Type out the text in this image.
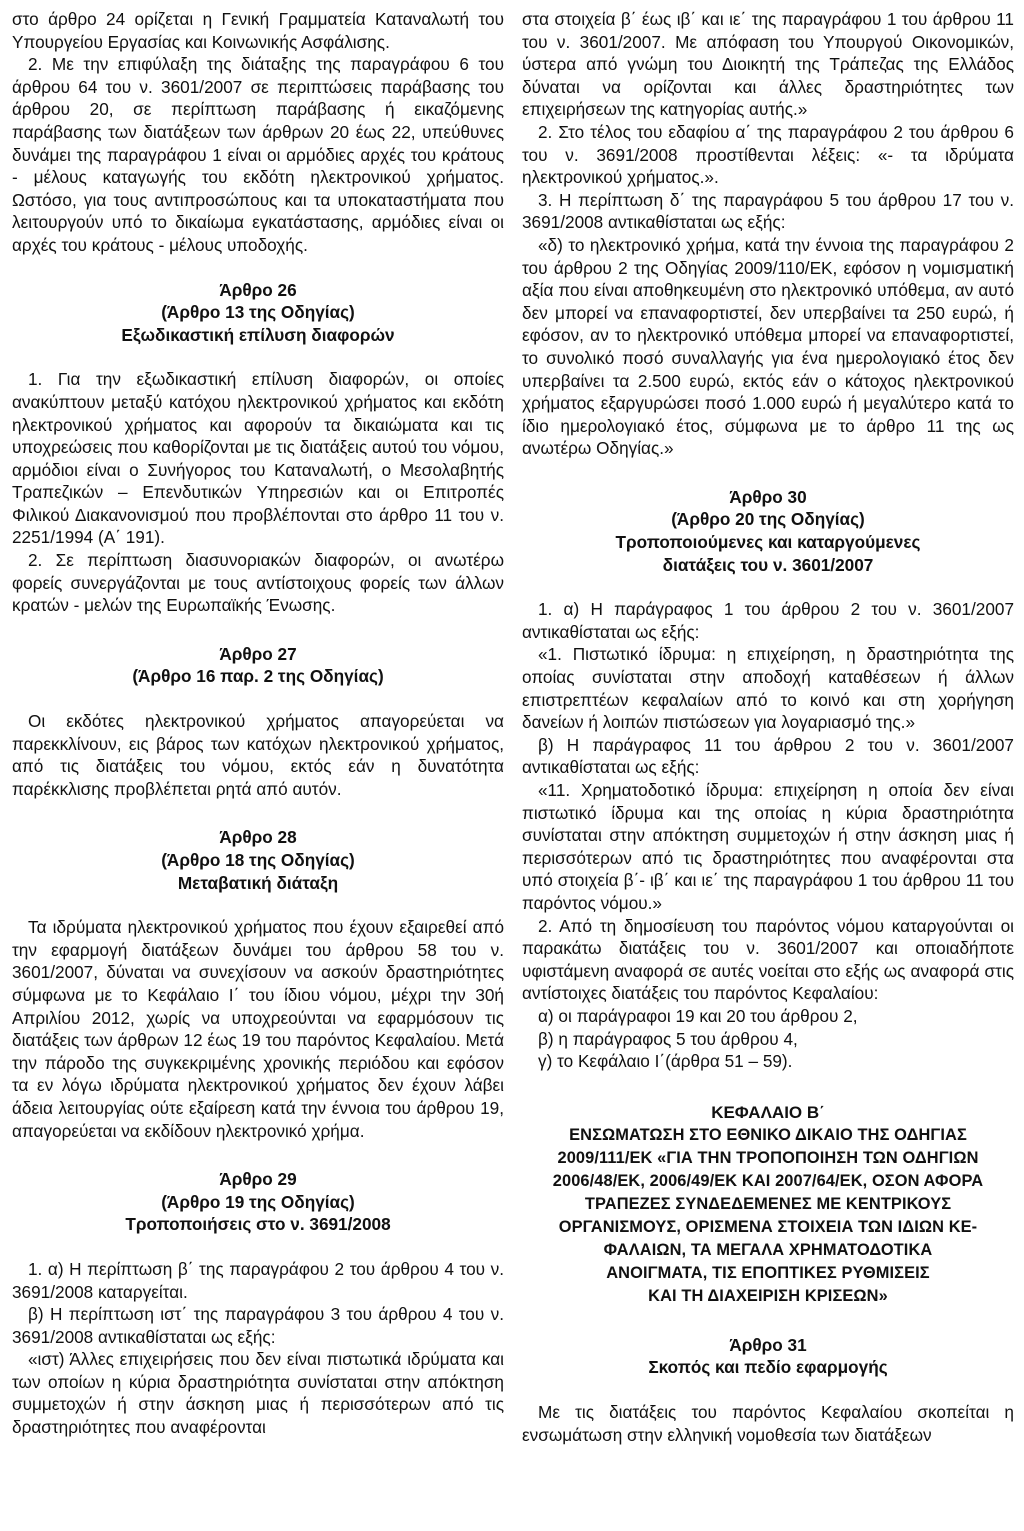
στο άρθρο 24 ορίζεται η Γενική Γραμματεία Καταναλωτή του Υπουργείου Εργασίας και Κοινωνικής Ασφάλισης.

2. Με την επιφύλαξη της διάταξης της παραγράφου 6 του άρθρου 64 του ν. 3601/2007 σε περιπτώσεις παράβασης του άρθρου 20, σε περίπτωση παράβασης ή εικαζόμενης παράβασης των διατάξεων των άρθρων 20 έως 22, υπεύθυνες δυνάμει της παραγράφου 1 είναι οι αρμόδιες αρχές του κράτους - μέλους καταγωγής του εκδότη ηλεκτρονικού χρήματος. Ωστόσο, για τους αντιπροσώπους και τα υποκαταστήματα που λειτουργούν υπό το δικαίωμα εγκατάστασης, αρμόδιες είναι οι αρχές του κράτους - μέλους υποδοχής.

Άρθρο 26
(Άρθρο 13 της Οδηγίας)
Εξωδικαστική επίλυση διαφορών

1. Για την εξωδικαστική επίλυση διαφορών, οι οποίες ανακύπτουν μεταξύ κατόχου ηλεκτρονικού χρήματος και εκδότη ηλεκτρονικού χρήματος και αφορούν τα δικαιώματα και τις υποχρεώσεις που καθορίζονται με τις διατάξεις αυτού του νόμου, αρμόδιοι είναι ο Συνήγορος του Καταναλωτή, ο Μεσολαβητής Τραπεζικών – Επενδυτικών Υπηρεσιών και οι Επιτροπές Φιλικού Διακανονισμού που προβλέπονται στο άρθρο 11 του ν. 2251/1994 (Α΄ 191).

2. Σε περίπτωση διασυνοριακών διαφορών, οι ανωτέρω φορείς συνεργάζονται με τους αντίστοιχους φορείς των άλλων κρατών - μελών της Ευρωπαϊκής Ένωσης.

Άρθρο 27
(Άρθρο 16 παρ. 2 της Οδηγίας)

Οι εκδότες ηλεκτρονικού χρήματος απαγορεύεται να παρεκκλίνουν, εις βάρος των κατόχων ηλεκτρονικού χρήματος, από τις διατάξεις του νόμου, εκτός εάν η δυνατότητα παρέκκλισης προβλέπεται ρητά από αυτόν.

Άρθρο 28
(Άρθρο 18 της Οδηγίας)
Μεταβατική διάταξη

Τα ιδρύματα ηλεκτρονικού χρήματος που έχουν εξαιρεθεί από την εφαρμογή διατάξεων δυνάμει του άρθρου 58 του ν. 3601/2007, δύναται να συνεχίσουν να ασκούν δραστηριότητες σύμφωνα με το Κεφάλαιο Ι΄ του ίδιου νόμου, μέχρι την 30ή Απριλίου 2012, χωρίς να υποχρεούνται να εφαρμόσουν τις διατάξεις των άρθρων 12 έως 19 του παρόντος Κεφαλαίου. Μετά την πάροδο της συγκεκριμένης χρονικής περιόδου και εφόσον τα εν λόγω ιδρύματα ηλεκτρονικού χρήματος δεν έχουν λάβει άδεια λειτουργίας ούτε εξαίρεση κατά την έννοια του άρθρου 19, απαγορεύεται να εκδίδουν ηλεκτρονικό χρήμα.

Άρθρο 29
(Άρθρο 19 της Οδηγίας)
Τροποποιήσεις στο ν. 3691/2008

1. α) Η περίπτωση β΄ της παραγράφου 2 του άρθρου 4 του ν. 3691/2008 καταργείται.

β) Η περίπτωση ιστ΄ της παραγράφου 3 του άρθρου 4 του ν. 3691/2008 αντικαθίσταται ως εξής:

«ιστ) Άλλες επιχειρήσεις που δεν είναι πιστωτικά ιδρύματα και των οποίων η κύρια δραστηριότητα συνίσταται στην απόκτηση συμμετοχών ή στην άσκηση μιας ή περισσότερων από τις δραστηριότητες που αναφέρονται

στα στοιχεία β΄ έως ιβ΄ και ιε΄ της παραγράφου 1 του άρθρου 11 του ν. 3601/2007. Με απόφαση του Υπουργού Οικονομικών, ύστερα από γνώμη του Διοικητή της Τράπεζας της Ελλάδος δύναται να ορίζονται και άλλες δραστηριότητες των επιχειρήσεων της κατηγορίας αυτής.»

2. Στο τέλος του εδαφίου α΄ της παραγράφου 2 του άρθρου 6 του ν. 3691/2008 προστίθενται λέξεις: «- τα ιδρύματα ηλεκτρονικού χρήματος.».

3. Η περίπτωση δ΄ της παραγράφου 5 του άρθρου 17 του ν. 3691/2008 αντικαθίσταται ως εξής:

«δ) το ηλεκτρονικό χρήμα, κατά την έννοια της παραγράφου 2 του άρθρου 2 της Οδηγίας 2009/110/ΕΚ, εφόσον η νομισματική αξία που είναι αποθηκευμένη στο ηλεκτρονικό υπόθεμα, αν αυτό δεν μπορεί να επαναφορτιστεί, δεν υπερβαίνει τα 250 ευρώ, ή εφόσον, αν το ηλεκτρονικό υπόθεμα μπορεί να επαναφορτιστεί, το συνολικό ποσό συναλλαγής για ένα ημερολογιακό έτος δεν υπερβαίνει τα 2.500 ευρώ, εκτός εάν ο κάτοχος ηλεκτρονικού χρήματος εξαργυρώσει ποσό 1.000 ευρώ ή μεγαλύτερο κατά το ίδιο ημερολογιακό έτος, σύμφωνα με το άρθρο 11 της ως ανωτέρω Οδηγίας.»

Άρθρο 30
(Άρθρο 20 της Οδηγίας)
Τροποποιούμενες και καταργούμενες
διατάξεις του ν. 3601/2007

1. α) Η παράγραφος 1 του άρθρου 2 του ν. 3601/2007 αντικαθίσταται ως εξής:

«1. Πιστωτικό ίδρυμα: η επιχείρηση, η δραστηριότητα της οποίας συνίσταται στην αποδοχή καταθέσεων ή άλλων επιστρεπτέων κεφαλαίων από το κοινό και στη χορήγηση δανείων ή λοιπών πιστώσεων για λογαριασμό της.»

β) Η παράγραφος 11 του άρθρου 2 του ν. 3601/2007 αντικαθίσταται ως εξής:

«11. Χρηματοδοτικό ίδρυμα: επιχείρηση η οποία δεν είναι πιστωτικό ίδρυμα και της οποίας η κύρια δραστηριότητα συνίσταται στην απόκτηση συμμετοχών ή στην άσκηση μιας ή περισσότερων από τις δραστηριότητες που αναφέρονται στα υπό στοιχεία β΄- ιβ΄ και ιε΄ της παραγράφου 1 του άρθρου 11 του παρόντος νόμου.»

2. Από τη δημοσίευση του παρόντος νόμου καταργούνται οι παρακάτω διατάξεις του ν. 3601/2007 και οποιαδήποτε υφιστάμενη αναφορά σε αυτές νοείται στο εξής ως αναφορά στις αντίστοιχες διατάξεις του παρόντος Κεφαλαίου:

α) οι παράγραφοι 19 και 20 του άρθρου 2,

β) η παράγραφος 5 του άρθρου 4,

γ) το Κεφάλαιο Ι΄(άρθρα 51 – 59).

ΚΕΦΑΛΑΙΟ Β΄
ΕΝΣΩΜΑΤΩΣΗ ΣΤΟ ΕΘΝΙΚΟ ΔΙΚΑΙΟ ΤΗΣ ΟΔΗΓΙΑΣ
2009/111/ΕΚ «ΓΙΑ ΤΗΝ ΤΡΟΠΟΠΟΙΗΣΗ ΤΩΝ ΟΔΗΓΙΩΝ
2006/48/ΕΚ, 2006/49/ΕΚ ΚΑΙ 2007/64/ΕΚ, ΟΣΟΝ ΑΦΟΡΑ
ΤΡΑΠΕΖΕΣ ΣΥΝΔΕΔΕΜΕΝΕΣ ΜΕ ΚΕΝΤΡΙΚΟΥΣ
ΟΡΓΑΝΙΣΜΟΥΣ, ΟΡΙΣΜΕΝΑ ΣΤΟΙΧΕΙΑ ΤΩΝ ΙΔΙΩΝ ΚΕ-
ΦΑΛΑΙΩΝ, ΤΑ ΜΕΓΑΛΑ ΧΡΗΜΑΤΟΔΟΤΙΚΑ
ΑΝΟΙΓΜΑΤΑ, ΤΙΣ ΕΠΟΠΤΙΚΕΣ ΡΥΘΜΙΣΕΙΣ
ΚΑΙ ΤΗ ΔΙΑΧΕΙΡΙΣΗ ΚΡΙΣΕΩΝ»
Άρθρο 31
Σκοπός και πεδίο εφαρμογής

Με τις διατάξεις του παρόντος Κεφαλαίου σκοπείται η ενσωμάτωση στην ελληνική νομοθεσία των διατάξεων
